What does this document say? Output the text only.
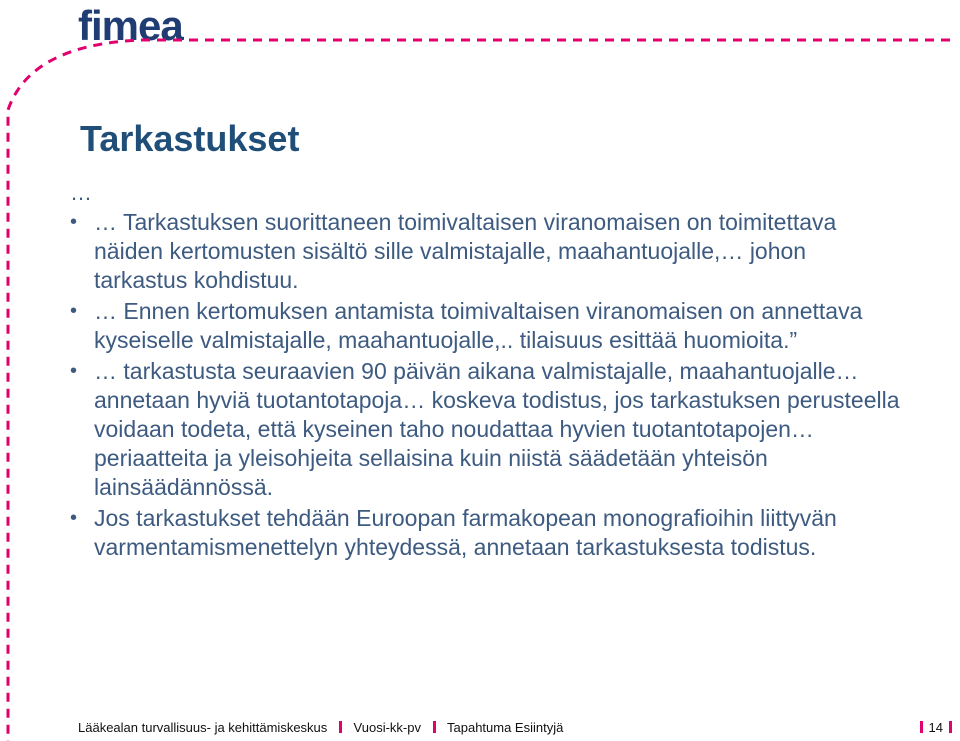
fimea
Tarkastukset
…
• … Tarkastuksen suorittaneen toimivaltaisen viranomaisen on toimitettava näiden kertomusten sisältö sille valmistajalle, maahantuojalle,… johon tarkastus kohdistuu.
• … Ennen kertomuksen antamista toimivaltaisen viranomaisen on annettava kyseiselle valmistajalle, maahantuojalle,.. tilaisuus esittää huomioita.”
• … tarkastusta seuraavien 90 päivän aikana valmistajalle, maahantuojalle… annetaan hyviä tuotantotapoja… koskeva todistus, jos tarkastuksen perusteella voidaan todeta, että kyseinen taho noudattaa hyvien tuotantotapojen… periaatteita ja yleisohjeita sellaisina kuin niistä säädetään yhteisön lainsäädännössä.
• Jos tarkastukset tehdään Euroopan farmakopean monografioihin liittyvän varmentamismenettelyn yhteydessä, annetaan tarkastuksesta todistus.
Lääkealan turvallisuus- ja kehittämiskeskus Vuosi-kk-pv Tapahtuma Esiintyjä	14
